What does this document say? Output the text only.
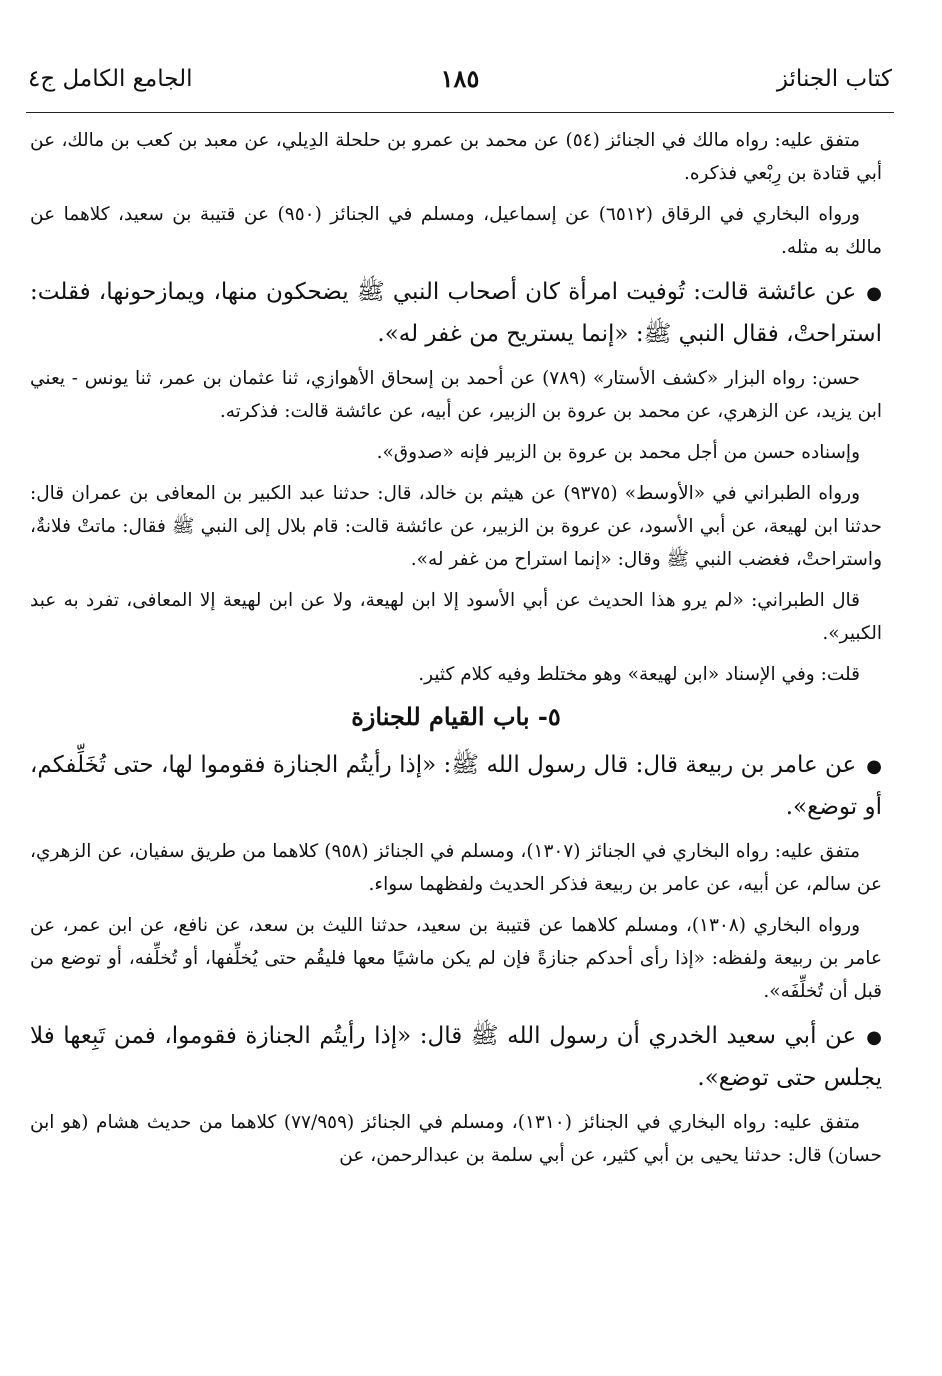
كتاب الجنائز
١٨٥
الجامع الكامل ج٤

متفق عليه: رواه مالك في الجنائز (٥٤) عن محمد بن عمرو بن حلحلة الدِيلي، عن معبد بن كعب بن مالك، عن أبي قتادة بن رِبْعي فذكره.

ورواه البخاري في الرقاق (٦٥١٢) عن إسماعيل، ومسلم في الجنائز (٩٥٠) عن قتيبة بن سعيد، كلاهما عن مالك به مثله.

●عن عائشة قالت: تُوفيت امرأة كان أصحاب النبي ﷺ يضحكون منها، ويمازحونها، فقلت: استراحتْ، فقال النبي ﷺ: «إنما يستريح من غفر له».

حسن: رواه البزار «كشف الأستار» (٧٨٩) عن أحمد بن إسحاق الأهوازي، ثنا عثمان بن عمر، ثنا يونس - يعني ابن يزيد، عن الزهري، عن محمد بن عروة بن الزبير، عن أبيه، عن عائشة قالت: فذكرته.

وإسناده حسن من أجل محمد بن عروة بن الزبير فإنه «صدوق».

ورواه الطبراني في «الأوسط» (٩٣٧٥) عن هيثم بن خالد، قال: حدثنا عبد الكبير بن المعافى بن عمران قال: حدثنا ابن لهيعة، عن أبي الأسود، عن عروة بن الزبير، عن عائشة قالت: قام بلال إلى النبي ﷺ فقال: ماتتْ فلانةٌ، واستراحتْ، فغضب النبي ﷺ وقال: «إنما استراح من غفر له».

قال الطبراني: «لم يرو هذا الحديث عن أبي الأسود إلا ابن لهيعة، ولا عن ابن لهيعة إلا المعافى، تفرد به عبد الكبير».

قلت: وفي الإسناد «ابن لهيعة» وهو مختلط وفيه كلام كثير.

٥- باب القيام للجنازة

●عن عامر بن ربيعة قال: قال رسول الله ﷺ: «إذا رأيتُم الجنازة فقوموا لها، حتى تُخَلِّفكم، أو توضع».

متفق عليه: رواه البخاري في الجنائز (١٣٠٧)، ومسلم في الجنائز (٩٥٨) كلاهما من طريق سفيان، عن الزهري، عن سالم، عن أبيه، عن عامر بن ربيعة فذكر الحديث ولفظهما سواء.

ورواه البخاري (١٣٠٨)، ومسلم كلاهما عن قتيبة بن سعيد، حدثنا الليث بن سعد، عن نافع، عن ابن عمر، عن عامر بن ربيعة ولفظه: «إذا رأى أحدكم جنازةً فإن لم يكن ماشيًا معها فليقُم حتى يُخلِّفها، أو تُخلِّفه، أو توضع من قبل أن تُخلِّفَه».

●عن أبي سعيد الخدري أن رسول الله ﷺ قال: «إذا رأيتُم الجنازة فقوموا، فمن تَبِعها فلا يجلس حتى توضع».

متفق عليه: رواه البخاري في الجنائز (١٣١٠)، ومسلم في الجنائز (٧٧/٩٥٩) كلاهما من حديث هشام (هو ابن حسان) قال: حدثنا يحيى بن أبي كثير، عن أبي سلمة بن عبدالرحمن، عن
